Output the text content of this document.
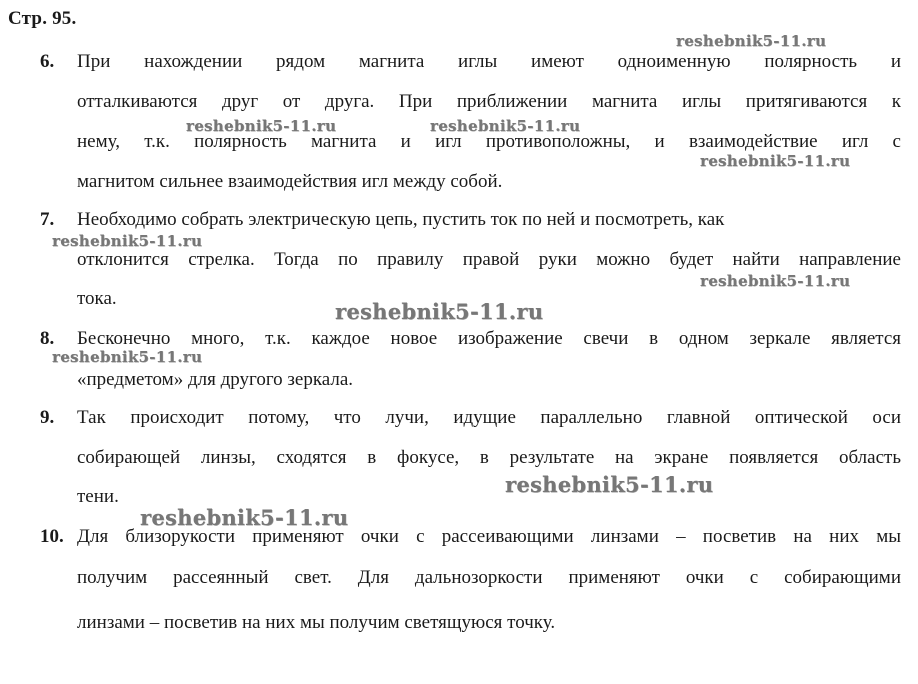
Стр. 95.
6.	При нахождении рядом магнита иглы имеют одноименную полярность и
отталкиваются друг от друга. При приближении магнита иглы притягиваются к
нему, т.к. полярность магнита и игл противоположны, и взаимодействие игл с
магнитом сильнее взаимодействия игл между собой.
7.	Необходимо собрать электрическую цепь, пустить ток по ней и посмотреть, как
отклонится стрелка. Тогда по правилу правой руки можно будет найти направление
тока.
8.	Бесконечно много, т.к. каждое новое изображение свечи в одном зеркале является
«предметом» для другого зеркала.
9.	Так происходит потому, что лучи, идущие параллельно главной оптической оси
собирающей линзы, сходятся в фокусе, в результате на экране появляется область
тени.
10. Для близорукости применяют очки с рассеивающими линзами – посветив на них мы
получим рассеянный свет. Для дальнозоркости применяют очки с собирающими
линзами – посветив на них мы получим светящуюся точку.
reshebnik5-11.ru
reshebnik5-11.ru	reshebnik5-11.ru
reshebnik5-11.ru
reshebnik5-11.ru
reshebnik5-11.ru
reshebnik5-11.ru
reshebnik5-11.ru
reshebnik5-11.ru
reshebnik5-11.ru
